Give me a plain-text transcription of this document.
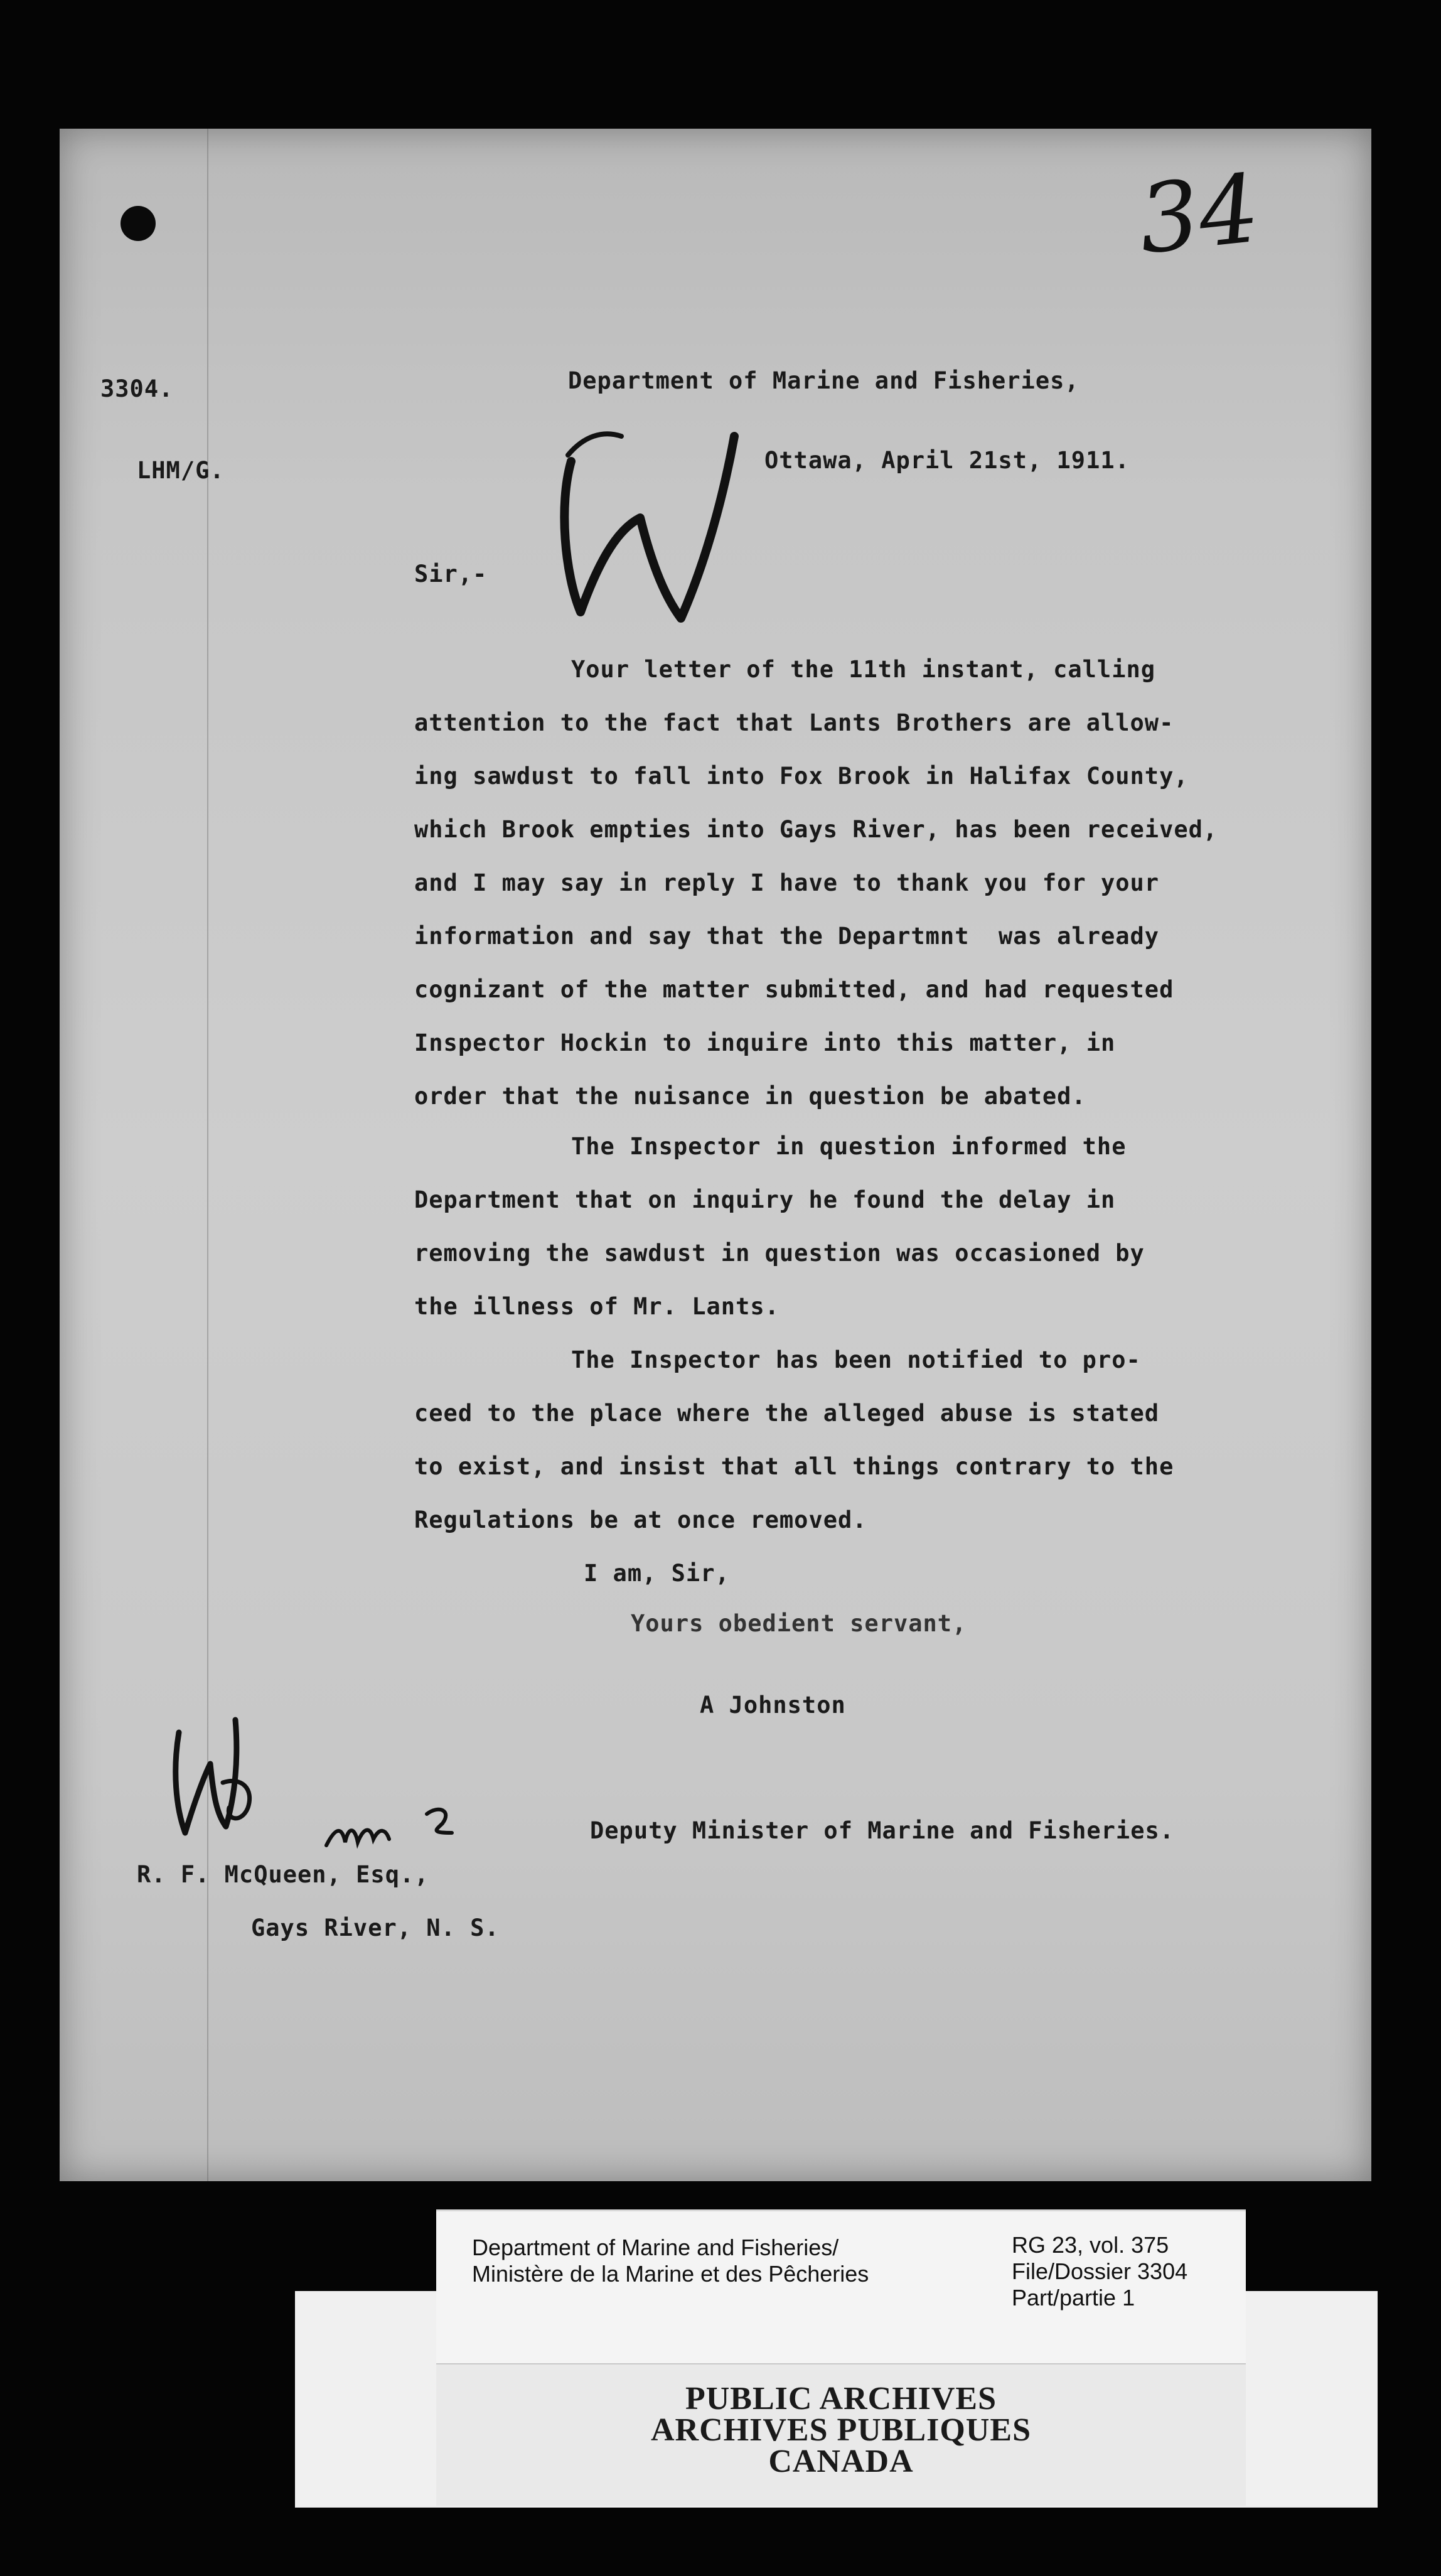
34
3304.	Department of Marine and Fisheries,
LHM/G.	Ottawa, April 21st, 1911.
Sir,-
Your letter of the 11th instant, calling
attention to the fact that Lants Brothers are allow-
ing sawdust to fall into Fox Brook in Halifax County,
which Brook empties into Gays River, has been received,
and I may say in reply I have to thank you for your
information and say that the Departmnt  was already
cognizant of the matter submitted, and had requested
Inspector Hockin to inquire into this matter, in
order that the nuisance in question be abated.
The Inspector in question informed the
Department that on inquiry he found the delay in
removing the sawdust in question was occasioned by
the illness of Mr. Lants.
The Inspector has been notified to pro-
ceed to the place where the alleged abuse is stated
to exist, and insist that all things contrary to the
Regulations be at once removed.
I am, Sir,
Yours obedient servant,
A Johnston
Deputy Minister of Marine and Fisheries.
R. F. McQueen, Esq.,
Gays River, N. S.
Department of Marine and Fisheries/
Ministère de la Marine et des Pêcheries
RG 23, vol. 375
File/Dossier 3304
Part/partie 1
PUBLIC ARCHIVES
ARCHIVES PUBLIQUES
CANADA
